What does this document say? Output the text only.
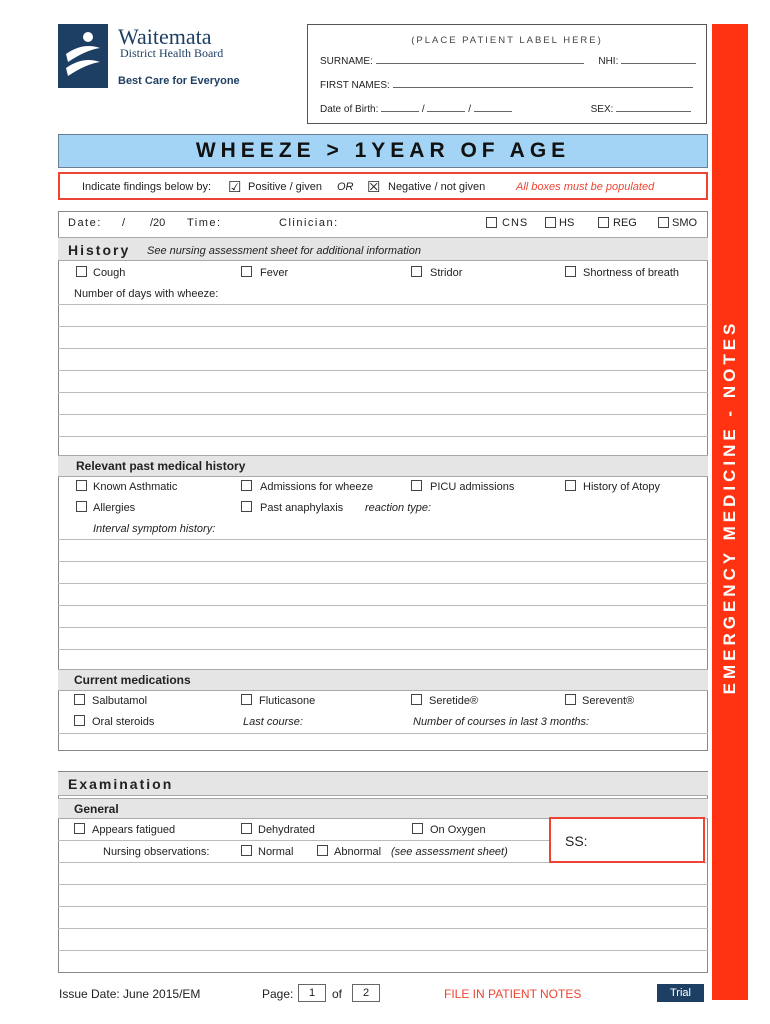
Waitemata
District Health Board
Best Care for Everyone
(PLACE PATIENT LABEL HERE)
SURNAME:	NHI:
FIRST NAMES:
Date of Birth:	/	/	SEX:
WHEEZE > 1YEAR OF AGE
Indicate findings below by: ☑ Positive / given OR ☒ Negative / not given	All boxes must be populated
Date: / /20 Time:	Clinician:	CNS	HS	REG	SMO
History See nursing assessment sheet for additional information
Cough	Fever	Stridor	Shortness of breath
Number of days with wheeze:
Relevant past medical history
Known Asthmatic	Admissions for wheeze	PICU admissions	History of Atopy
Allergies	Past anaphylaxis reaction type:
Interval symptom history:
Current medications
Salbutamol	Fluticasone	Seretide®	Serevent®
Oral steroids	Last course:	Number of courses in last 3 months:
Examination
General
Appears fatigued	Dehydrated	On Oxygen
Nursing observations:	Normal	Abnormal (see assessment sheet)
SS:
EMERGENCY MEDICINE - NOTES
Issue Date: June 2015/EM	Page:	1	of	2	FILE IN PATIENT NOTES	Trial
